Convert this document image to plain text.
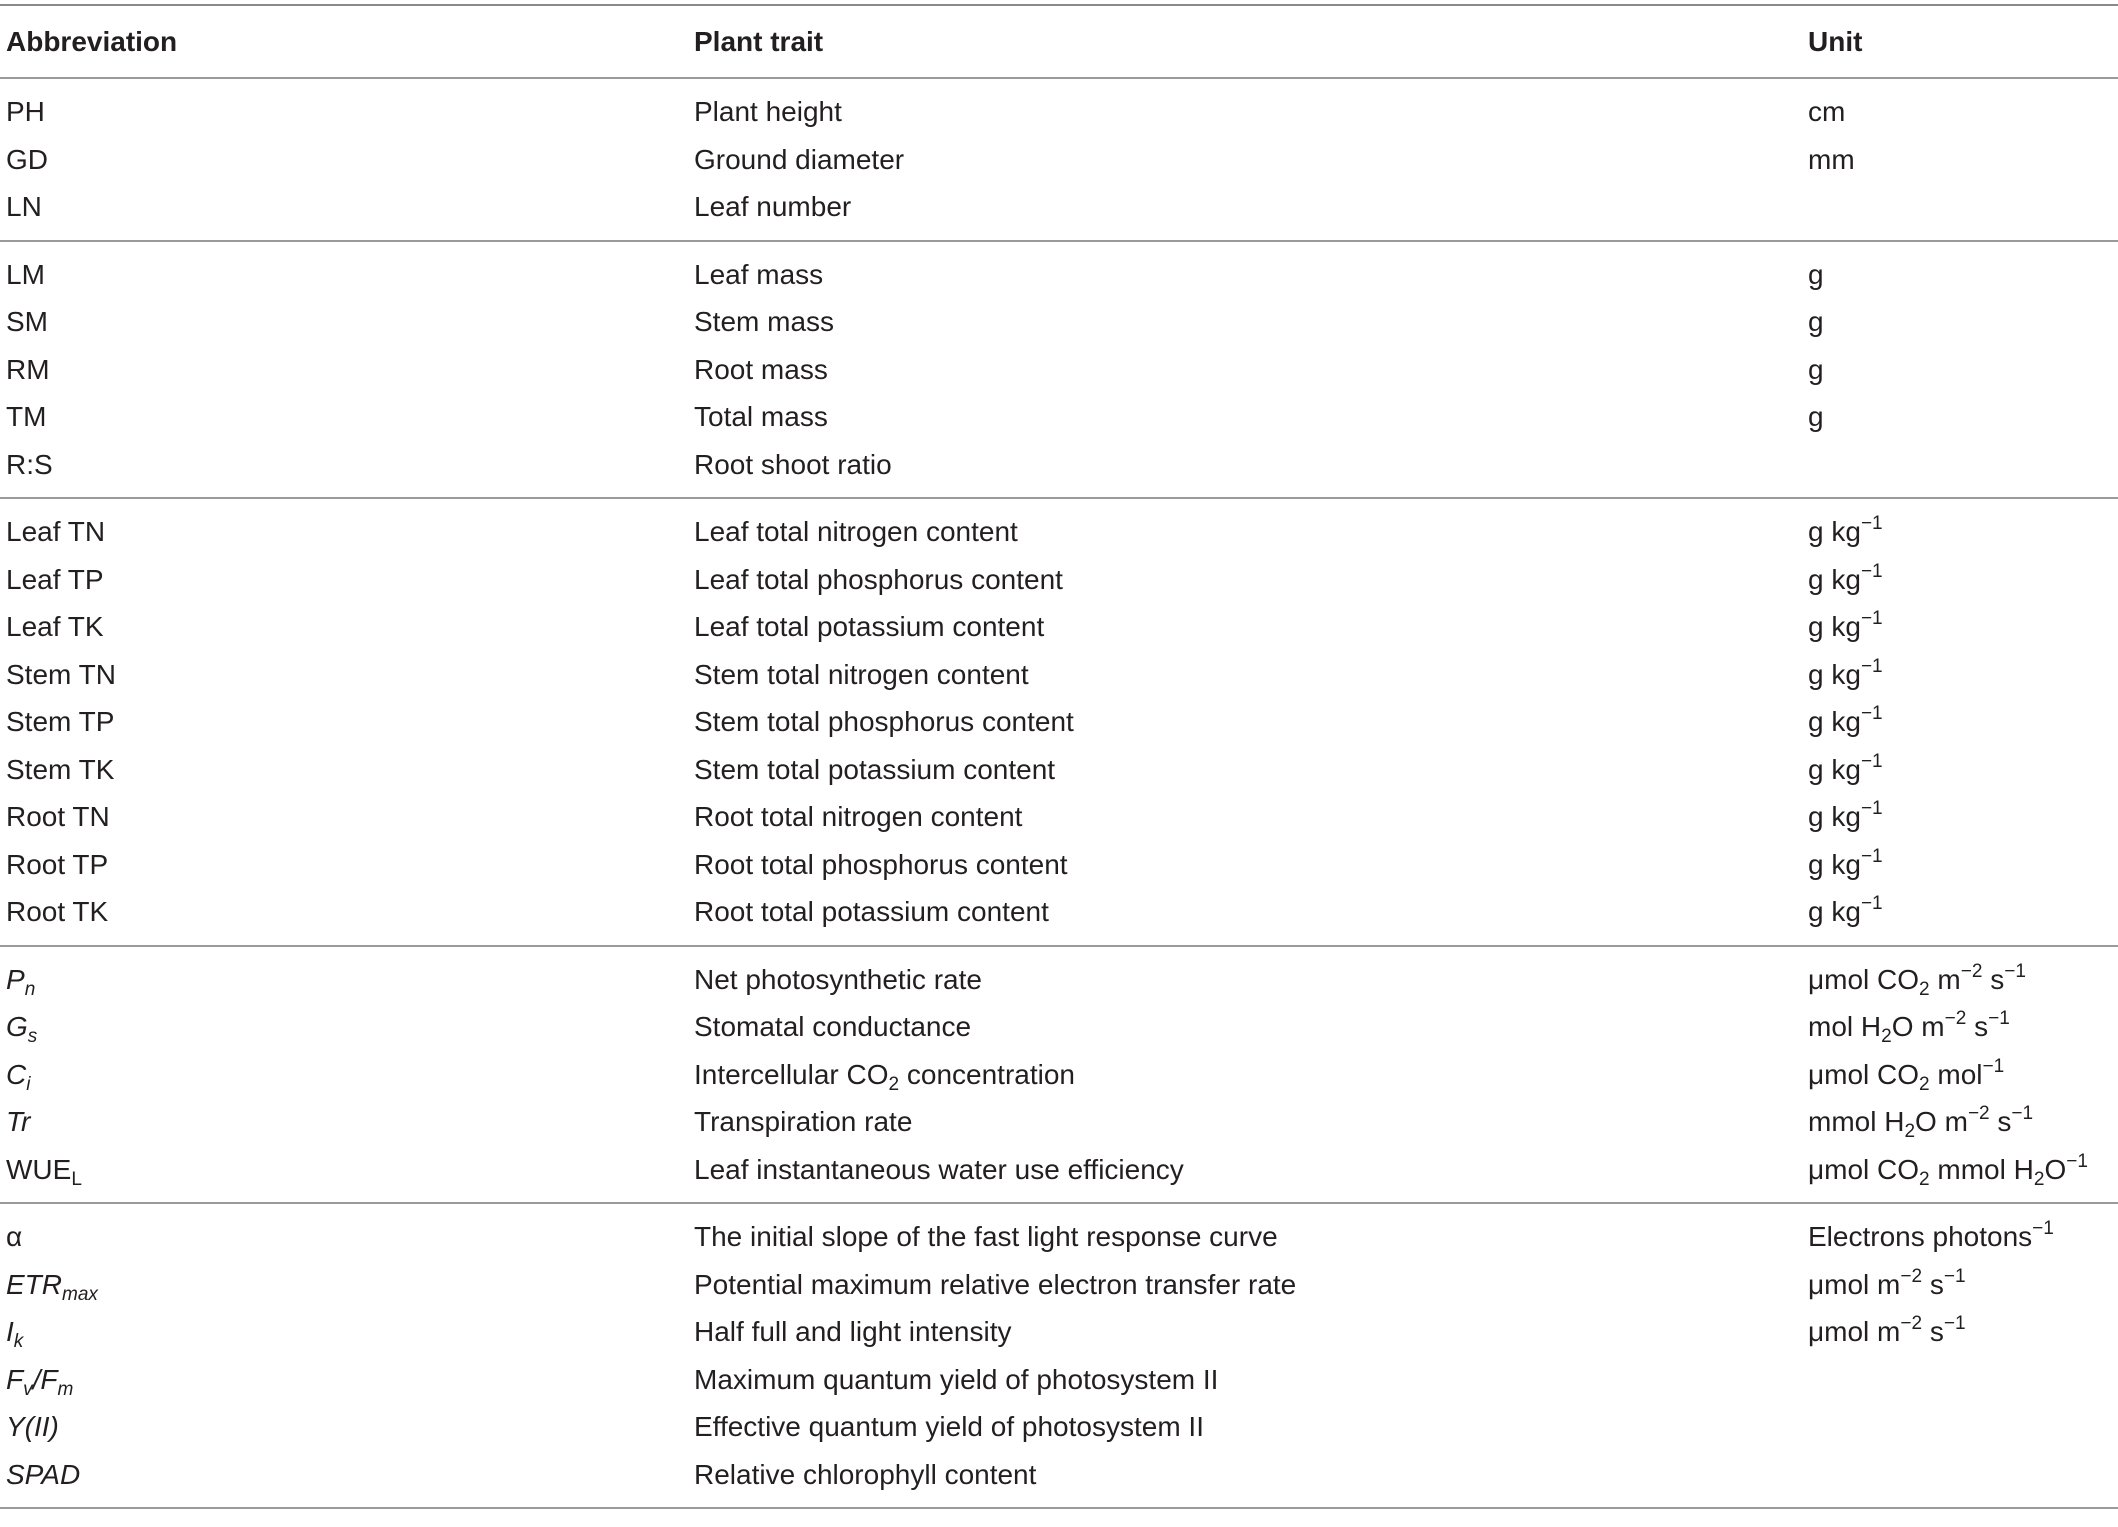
Abbreviation	Plant trait	Unit
PH	Plant height	cm
GD	Ground diameter	mm
LN	Leaf number
LM	Leaf mass	g
SM	Stem mass	g
RM	Root mass	g
TM	Total mass	g
R:S	Root shoot ratio
Leaf TN	Leaf total nitrogen content	g $kg^{-1}$
Leaf TP	Leaf total phosphorus content	g $kg^{-1}$
Leaf TK	Leaf total potassium content	g $kg^{-1}$
Stem TN	Stem total nitrogen content	g $kg^{-1}$
Stem TP	Stem total phosphorus content	g $kg^{-1}$
Stem TK	Stem total potassium content	g $kg^{-1}$
Root TN	Root total nitrogen content	g $kg^{-1}$
Root TP	Root total phosphorus content	g $kg^{-1}$
Root TK	Root total potassium content	g $kg^{-1}$
$P_n$	Net photosynthetic rate	μmol $CO_2$ $m^{-2}$ $s^{-1}$
$G_s$	Stomatal conductance	mol $H_2O$ $m^{-2}$ $s^{-1}$
$C_i$	Intercellular $CO_2$ concentration	μmol $CO_2$ mol$^{-1}$
Tr	Transpiration rate	mmol $H_2O$ $m^{-2}$ $s^{-1}$
$WUE_L$	Leaf instantaneous water use efficiency	μmol $CO_2$ mmol $H_2O^{-1}$
α	The initial slope of the fast light response curve	Electrons photons$^{-1}$
$ETR_{max}$	Potential maximum relative electron transfer rate	μmol $m^{-2}$ $s^{-1}$
$I_k$	Half full and light intensity	μmol $m^{-2}$ $s^{-1}$
$F_v/F_m$	Maximum quantum yield of photosystem II
Y(II)	Effective quantum yield of photosystem II
SPAD	Relative chlorophyll content
